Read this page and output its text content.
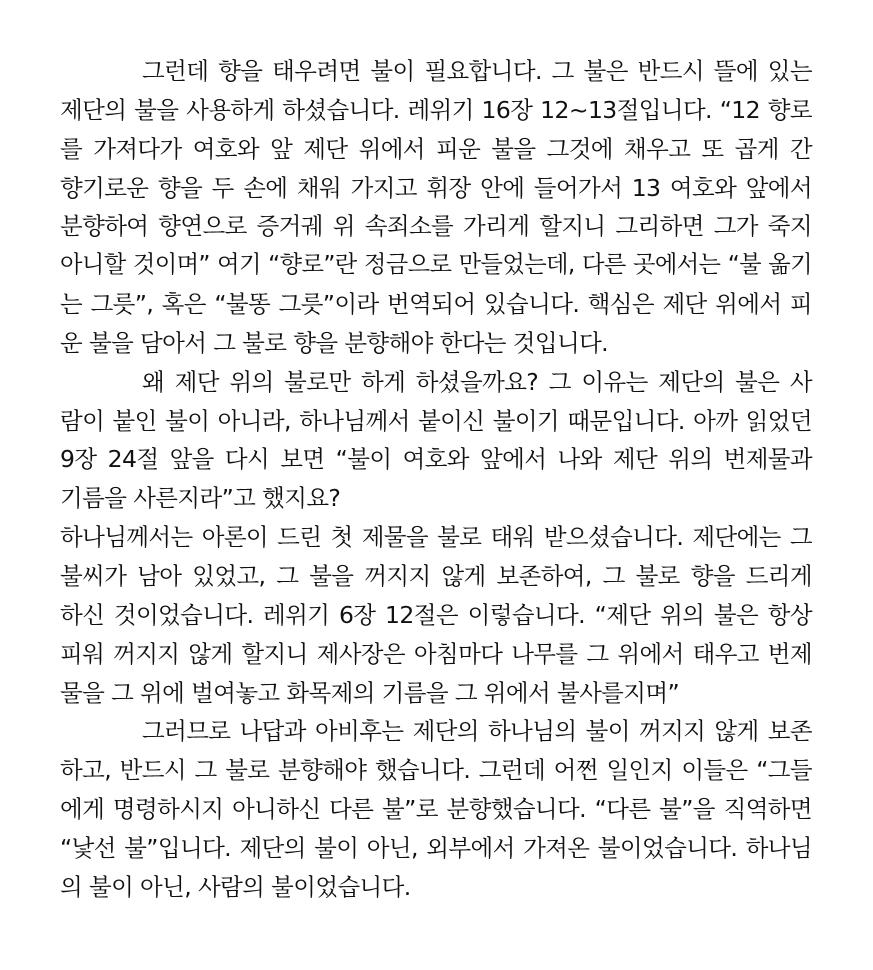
그런데 향을 태우려면 불이 필요합니다. 그 불은 반드시 뜰에 있는
제단의 불을 사용하게 하셨습니다. 레위기 16장 12~13절입니다. “12 향로
를 가져다가 여호와 앞 제단 위에서 피운 불을 그것에 채우고 또 곱게 간
향기로운 향을 두 손에 채워 가지고 휘장 안에 들어가서 13 여호와 앞에서
분향하여 향연으로 증거궤 위 속죄소를 가리게 할지니 그리하면 그가 죽지
아니할 것이며” 여기 “향로”란 정금으로 만들었는데, 다른 곳에서는 “불 옮기
는 그릇”, 혹은 “불똥 그릇”이라 번역되어 있습니다. 핵심은 제단 위에서 피
운 불을 담아서 그 불로 향을 분향해야 한다는 것입니다.
왜 제단 위의 불로만 하게 하셨을까요? 그 이유는 제단의 불은 사
람이 붙인 불이 아니라, 하나님께서 붙이신 불이기 때문입니다. 아까 읽었던
9장 24절 앞을 다시 보면 “불이 여호와 앞에서 나와 제단 위의 번제물과
기름을 사른지라”고 했지요?
하나님께서는 아론이 드린 첫 제물을 불로 태워 받으셨습니다. 제단에는 그
불씨가 남아 있었고, 그 불을 꺼지지 않게 보존하여, 그 불로 향을 드리게
하신 것이었습니다. 레위기 6장 12절은 이렇습니다. “제단 위의 불은 항상
피워 꺼지지 않게 할지니 제사장은 아침마다 나무를 그 위에서 태우고 번제
물을 그 위에 벌여놓고 화목제의 기름을 그 위에서 불사를지며”
그러므로 나답과 아비후는 제단의 하나님의 불이 꺼지지 않게 보존
하고, 반드시 그 불로 분향해야 했습니다. 그런데 어쩐 일인지 이들은 “그들
에게 명령하시지 아니하신 다른 불”로 분향했습니다. “다른 불”을 직역하면
“낯선 불”입니다. 제단의 불이 아닌, 외부에서 가져온 불이었습니다. 하나님
의 불이 아닌, 사람의 불이었습니다.
